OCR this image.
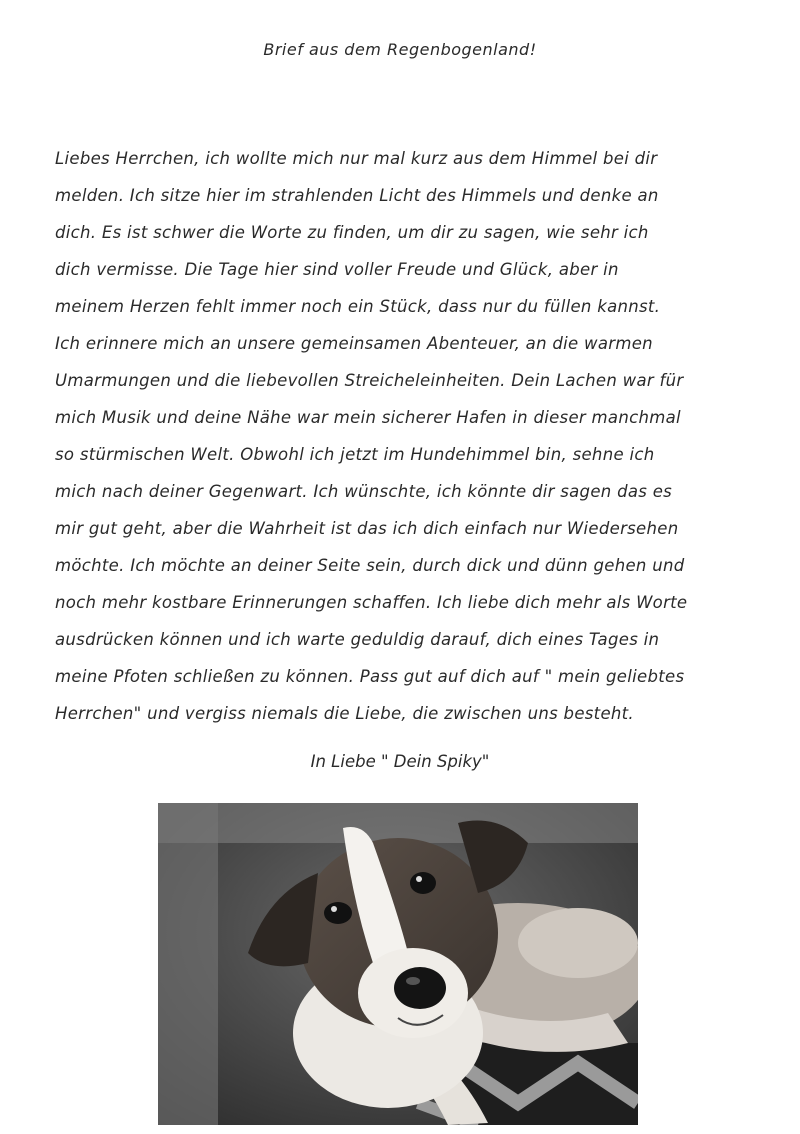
Brief aus dem Regenbogenland!
Liebes Herrchen, ich wollte mich nur mal kurz aus dem Himmel bei dir
melden. Ich sitze hier im strahlenden Licht des Himmels und denke an
dich. Es ist schwer die Worte zu finden, um dir zu sagen, wie sehr ich
dich vermisse. Die Tage hier sind voller Freude und Glück, aber in
meinem Herzen fehlt immer noch ein Stück, dass nur du füllen kannst.
Ich erinnere mich an unsere gemeinsamen Abenteuer, an die warmen
Umarmungen und die liebevollen Streicheleinheiten. Dein Lachen war für
mich Musik und deine Nähe war mein sicherer Hafen in dieser manchmal
so stürmischen Welt. Obwohl ich jetzt im Hundehimmel bin, sehne ich
mich nach deiner Gegenwart. Ich wünschte, ich könnte dir sagen das es
mir gut geht, aber die Wahrheit ist das ich dich einfach nur Wiedersehen
möchte. Ich möchte an deiner Seite sein, durch dick und dünn gehen und
noch mehr kostbare Erinnerungen schaffen. Ich liebe dich mehr als Worte
ausdrücken können und ich warte geduldig darauf, dich eines Tages in
meine Pfoten schließen zu können. Pass gut auf dich auf " mein geliebtes
Herrchen" und vergiss niemals die Liebe, die zwischen uns besteht.
In Liebe " Dein Spiky"
